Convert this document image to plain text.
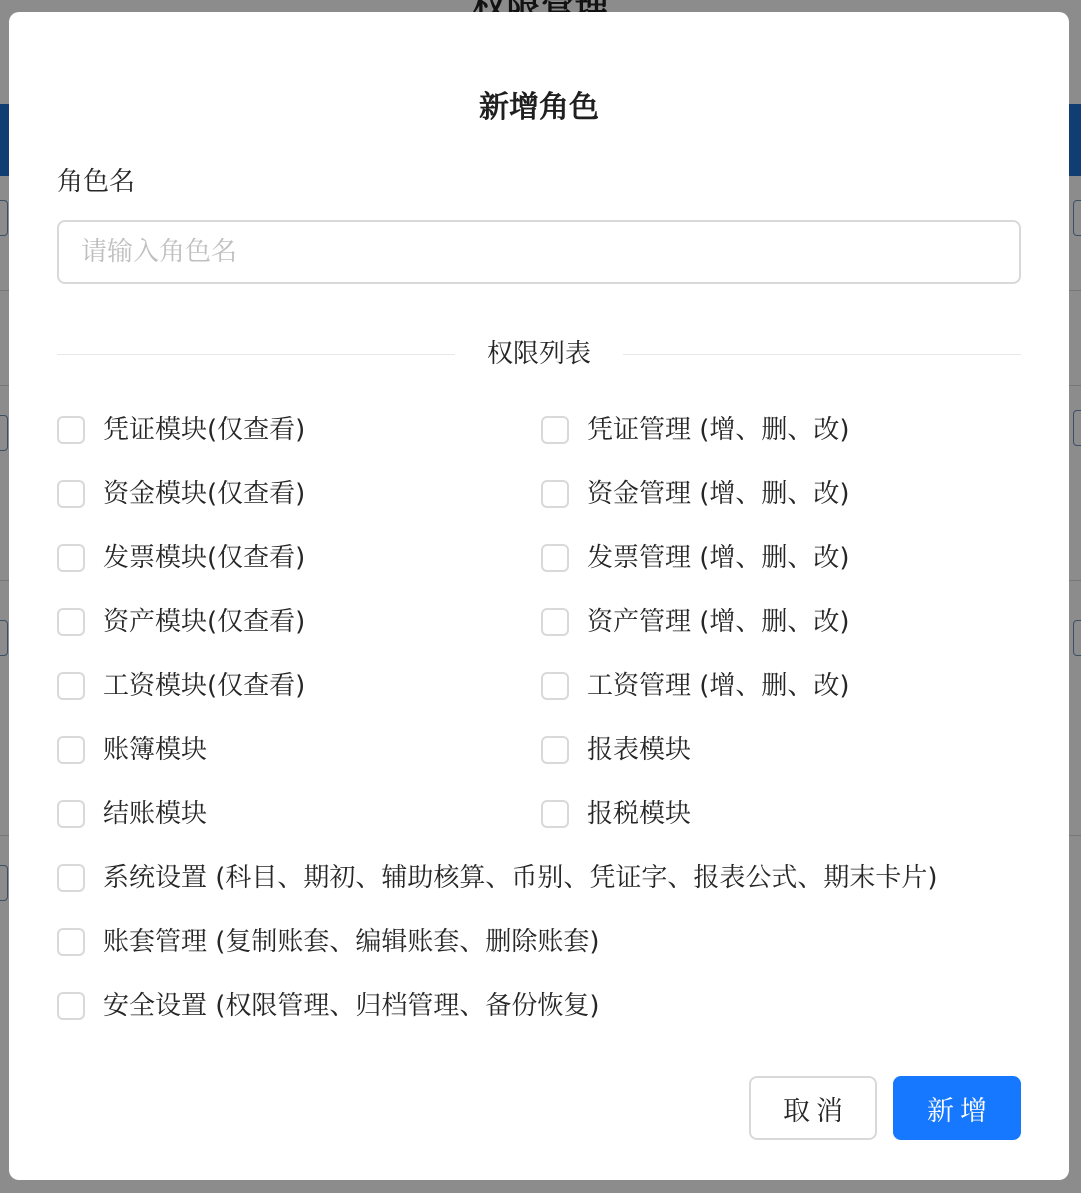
新增角色
角色名
请输入角色名
权限列表
凭证模块(仅查看)	凭证管理 (增、删、改)
资金模块(仅查看)	资金管理 (增、删、改)
发票模块(仅查看)	发票管理 (增、删、改)
资产模块(仅查看)	资产管理 (增、删、改)
工资模块(仅查看)	工资管理 (增、删、改)
账簿模块	报表模块
结账模块	报税模块
系统设置 (科目、期初、辅助核算、币别、凭证字、报表公式、期末卡片)
账套管理 (复制账套、编辑账套、删除账套)
安全设置 (权限管理、归档管理、备份恢复)
取消	新增
